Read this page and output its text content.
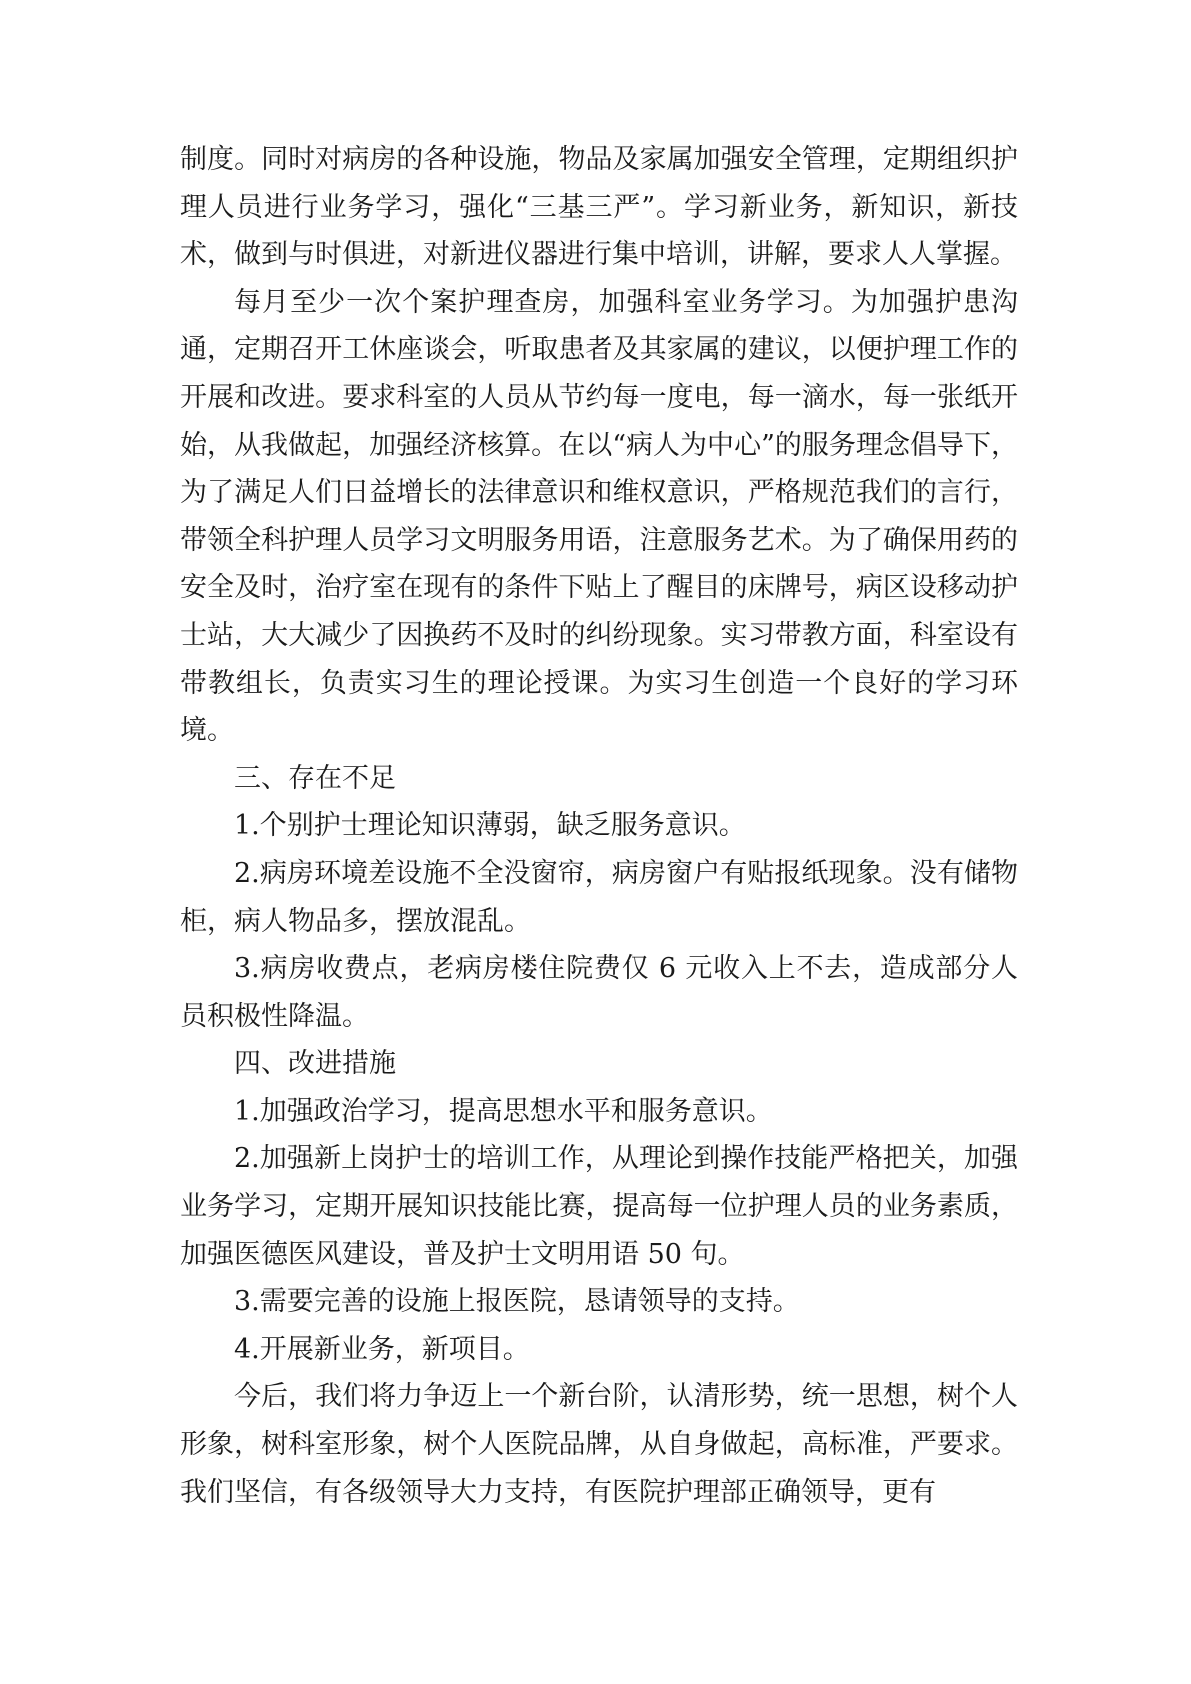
制度。同时对病房的各种设施，物品及家属加强安全管理，定期组织护理人员进行业务学习，强化“三基三严”。学习新业务，新知识，新技术，做到与时俱进，对新进仪器进行集中培训，讲解，要求人人掌握。

每月至少一次个案护理查房，加强科室业务学习。为加强护患沟通，定期召开工休座谈会，听取患者及其家属的建议，以便护理工作的开展和改进。要求科室的人员从节约每一度电，每一滴水，每一张纸开始，从我做起，加强经济核算。在以“病人为中心”的服务理念倡导下，为了满足人们日益增长的法律意识和维权意识，严格规范我们的言行，带领全科护理人员学习文明服务用语，注意服务艺术。为了确保用药的安全及时，治疗室在现有的条件下贴上了醒目的床牌号，病区设移动护士站，大大减少了因换药不及时的纠纷现象。实习带教方面，科室设有带教组长，负责实习生的理论授课。为实习生创造一个良好的学习环境。

三、存在不足

1.个别护士理论知识薄弱，缺乏服务意识。

2.病房环境差设施不全没窗帘，病房窗户有贴报纸现象。没有储物柜，病人物品多，摆放混乱。

3.病房收费点，老病房楼住院费仅 6 元收入上不去，造成部分人员积极性降温。

四、改进措施

1.加强政治学习，提高思想水平和服务意识。

2.加强新上岗护士的培训工作，从理论到操作技能严格把关，加强业务学习，定期开展知识技能比赛，提高每一位护理人员的业务素质，加强医德医风建设，普及护士文明用语 50 句。

3.需要完善的设施上报医院，恳请领导的支持。

4.开展新业务，新项目。

今后，我们将力争迈上一个新台阶，认清形势，统一思想，树个人形象，树科室形象，树个人医院品牌，从自身做起，高标准，严要求。我们坚信，有各级领导大力支持，有医院护理部正确领导，更有
